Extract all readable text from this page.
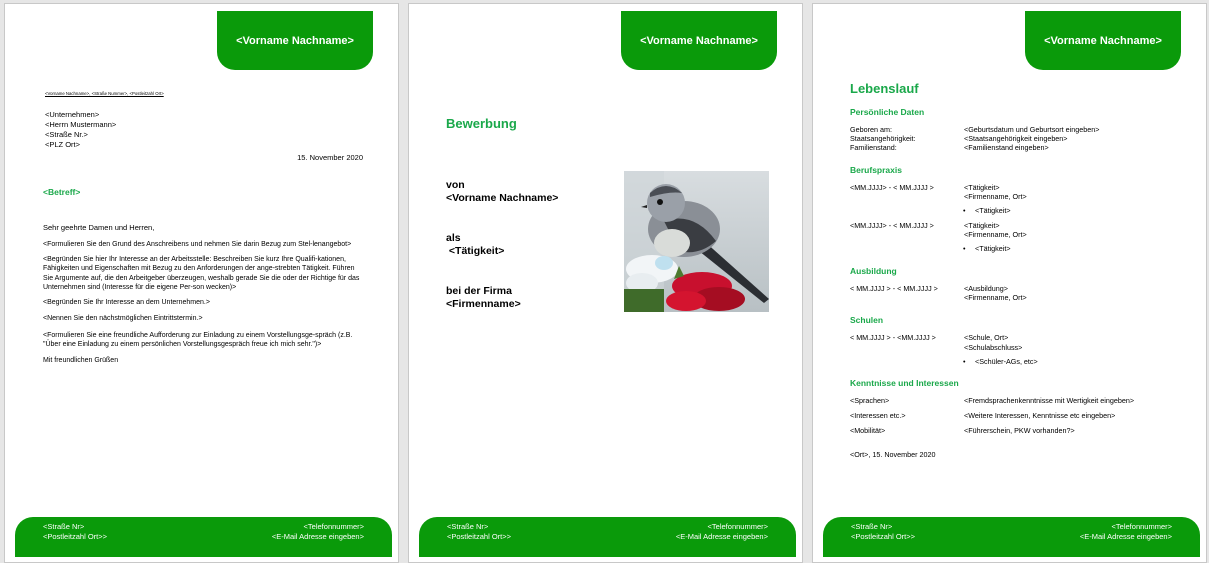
<Vorname Nachname>
<Vorname Nachname>, <Straße Nummer>, <Postleitzahl Ort>
<Unternehmen>
<Herrn Mustermann>
<Straße Nr.>
<PLZ Ort>
15. November 2020
<Betreff>
Sehr geehrte Damen und Herren,

<Formulieren Sie den Grund des Anschreibens und nehmen Sie darin Bezug zum Stel-lenangebot>

<Begründen Sie hier Ihr Interesse an der Arbeitsstelle: Beschreiben Sie kurz Ihre Qualifi-kationen, Fähigkeiten und Eigenschaften mit Bezug zu den Anforderungen der ange-strebten Tätigkeit. Führen Sie Argumente auf, die den Arbeitgeber überzeugen, weshalb gerade Sie die oder der Richtige für das Unternehmen sind (Interesse für die eigene Per-son wecken)>

<Begründen Sie Ihr Interesse an dem Unternehmen.>

<Nennen Sie den nächstmöglichen Eintrittstermin.>

<Formulieren Sie eine freundliche Aufforderung zur Einladung zu einem Vorstellungsge-spräch (z.B. "Über eine Einladung zu einem persönlichen Vorstellungsgespräch freue ich mich sehr.")>

Mit freundlichen Grüßen

<Straße Nr>
<Postleitzahl Ort>>
<Telefonnummer>
<E-Mail Adresse eingeben>
<Vorname Nachname>
Bewerbung
von
<Vorname Nachname>
als
<Tätigkeit>
bei der Firma
<Firmenname>
<Straße Nr>
<Postleitzahl Ort>>
<Telefonnummer>
<E-Mail Adresse eingeben>
<Vorname Nachname>
Lebenslauf
Persönliche Daten
Geboren am:	<Geburtsdatum und Geburtsort eingeben>
Staatsangehörigkeit:	<Staatsangehörigkeit eingeben>
Familienstand:	<Familienstand eingeben>
Berufspraxis
<MM.JJJJ> - < MM.JJJJ >	<Tätigkeit>
<Firmenname, Ort>
• <Tätigkeit>
<MM.JJJJ> - < MM.JJJJ >	<Tätigkeit>
<Firmenname, Ort>
• <Tätigkeit>
Ausbildung
< MM.JJJJ > - < MM.JJJJ >	<Ausbildung>
<Firmenname, Ort>
Schulen
< MM.JJJJ > - <MM.JJJJ >	<Schule, Ort>
<Schulabschluss>
• <Schüler-AGs, etc>
Kenntnisse und Interessen
<Sprachen>	<Fremdsprachenkenntnisse mit Wertigkeit eingeben>
<Interessen etc.>	<Weitere Interessen, Kenntnisse etc eingeben>
<Mobilität>	<Führerschein, PKW vorhanden?>
<Ort>, 15. November 2020
<Straße Nr>
<Postleitzahl Ort>>
<Telefonnummer>
<E-Mail Adresse eingeben>
